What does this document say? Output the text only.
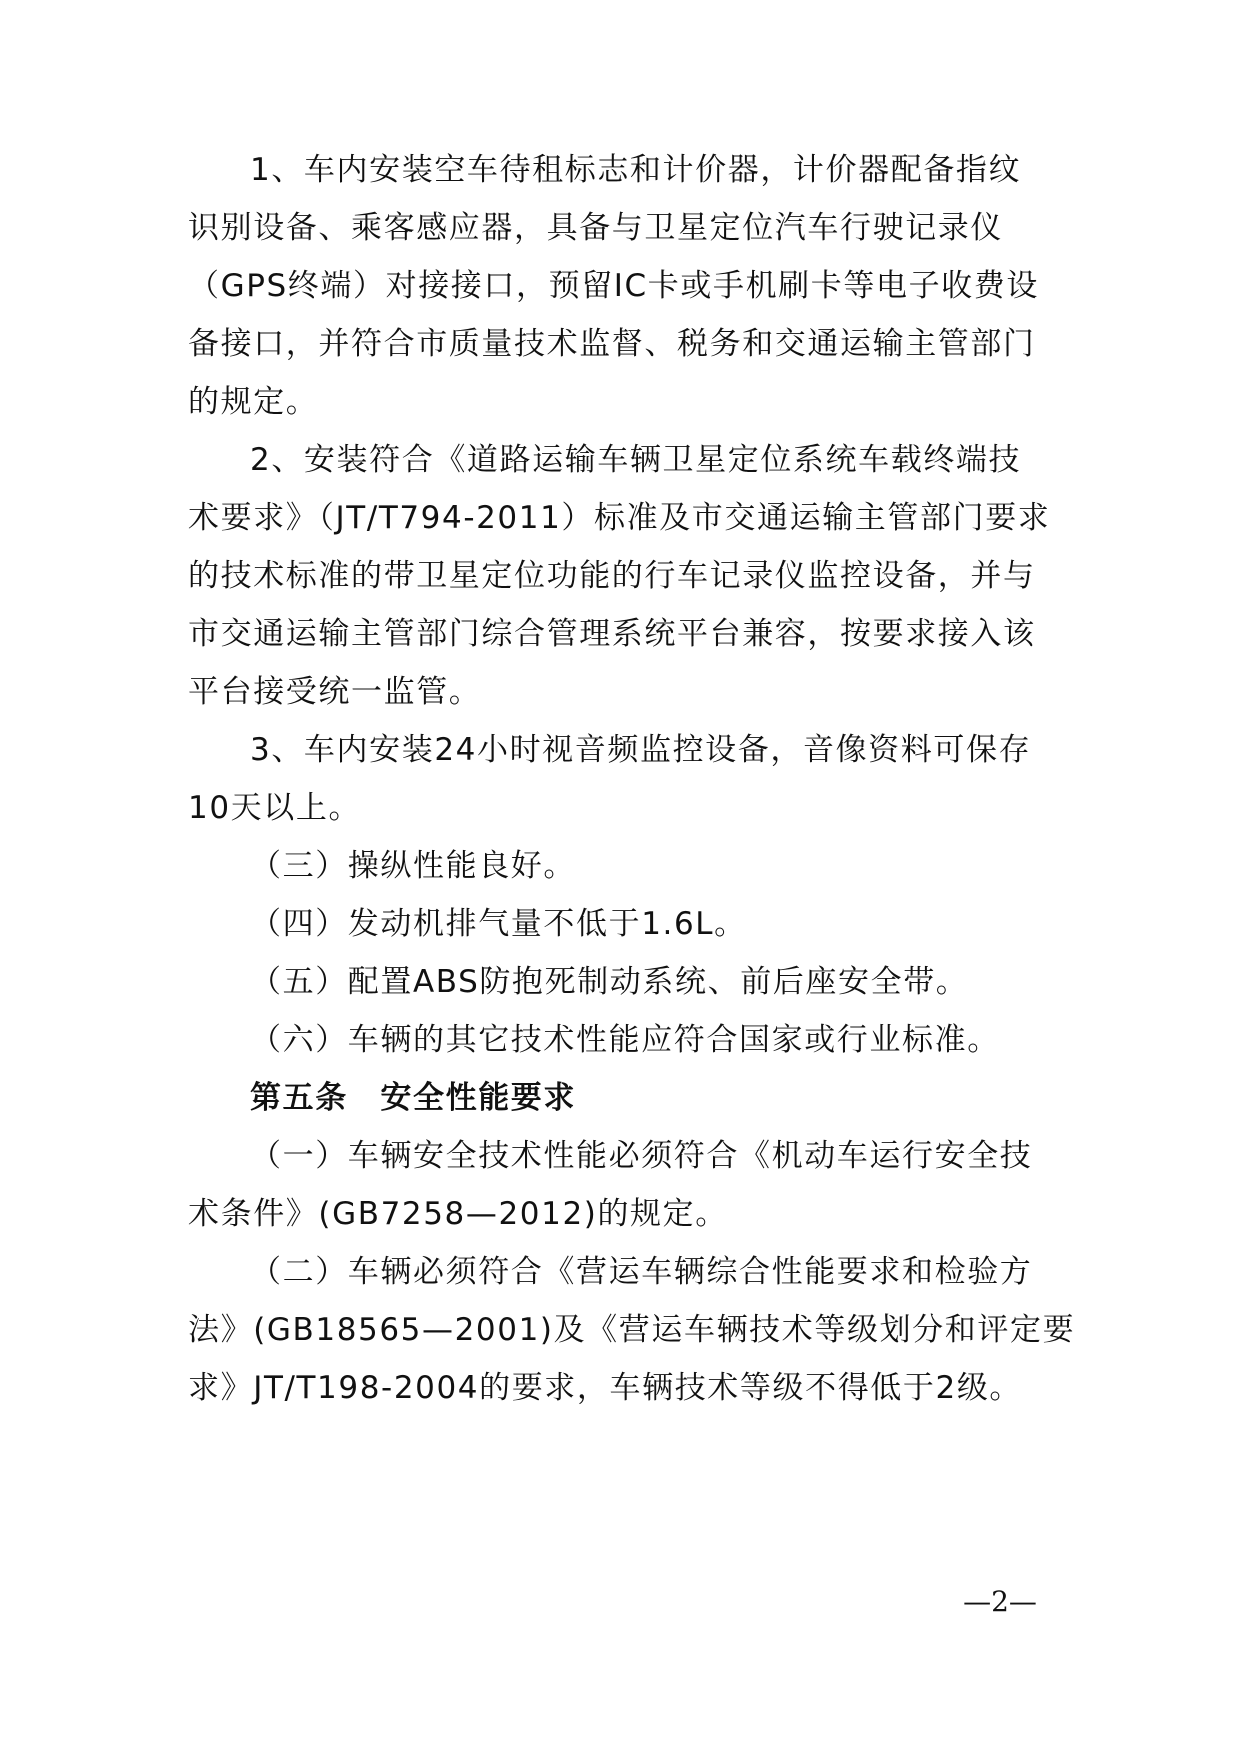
1、车内安装空车待租标志和计价器，计价器配备指纹
识别设备、乘客感应器，具备与卫星定位汽车行驶记录仪
（GPS终端）对接接口，预留IC卡或手机刷卡等电子收费设
备接口，并符合市质量技术监督、税务和交通运输主管部门
的规定。
2、安装符合《道路运输车辆卫星定位系统车载终端技
术要求》（JT/T794-2011）标准及市交通运输主管部门要求
的技术标准的带卫星定位功能的行车记录仪监控设备，并与
市交通运输主管部门综合管理系统平台兼容，按要求接入该
平台接受统一监管。
3、车内安装24小时视音频监控设备，音像资料可保存
10天以上。
（三）操纵性能良好。
（四）发动机排气量不低于1.6L。
（五）配置ABS防抱死制动系统、前后座安全带。
（六）车辆的其它技术性能应符合国家或行业标准。
第五条　安全性能要求
（一）车辆安全技术性能必须符合《机动车运行安全技
术条件》(GB7258—2012)的规定。
（二）车辆必须符合《营运车辆综合性能要求和检验方
法》(GB18565—2001)及《营运车辆技术等级划分和评定要
求》JT/T198-2004的要求，车辆技术等级不得低于2级。
—2—
